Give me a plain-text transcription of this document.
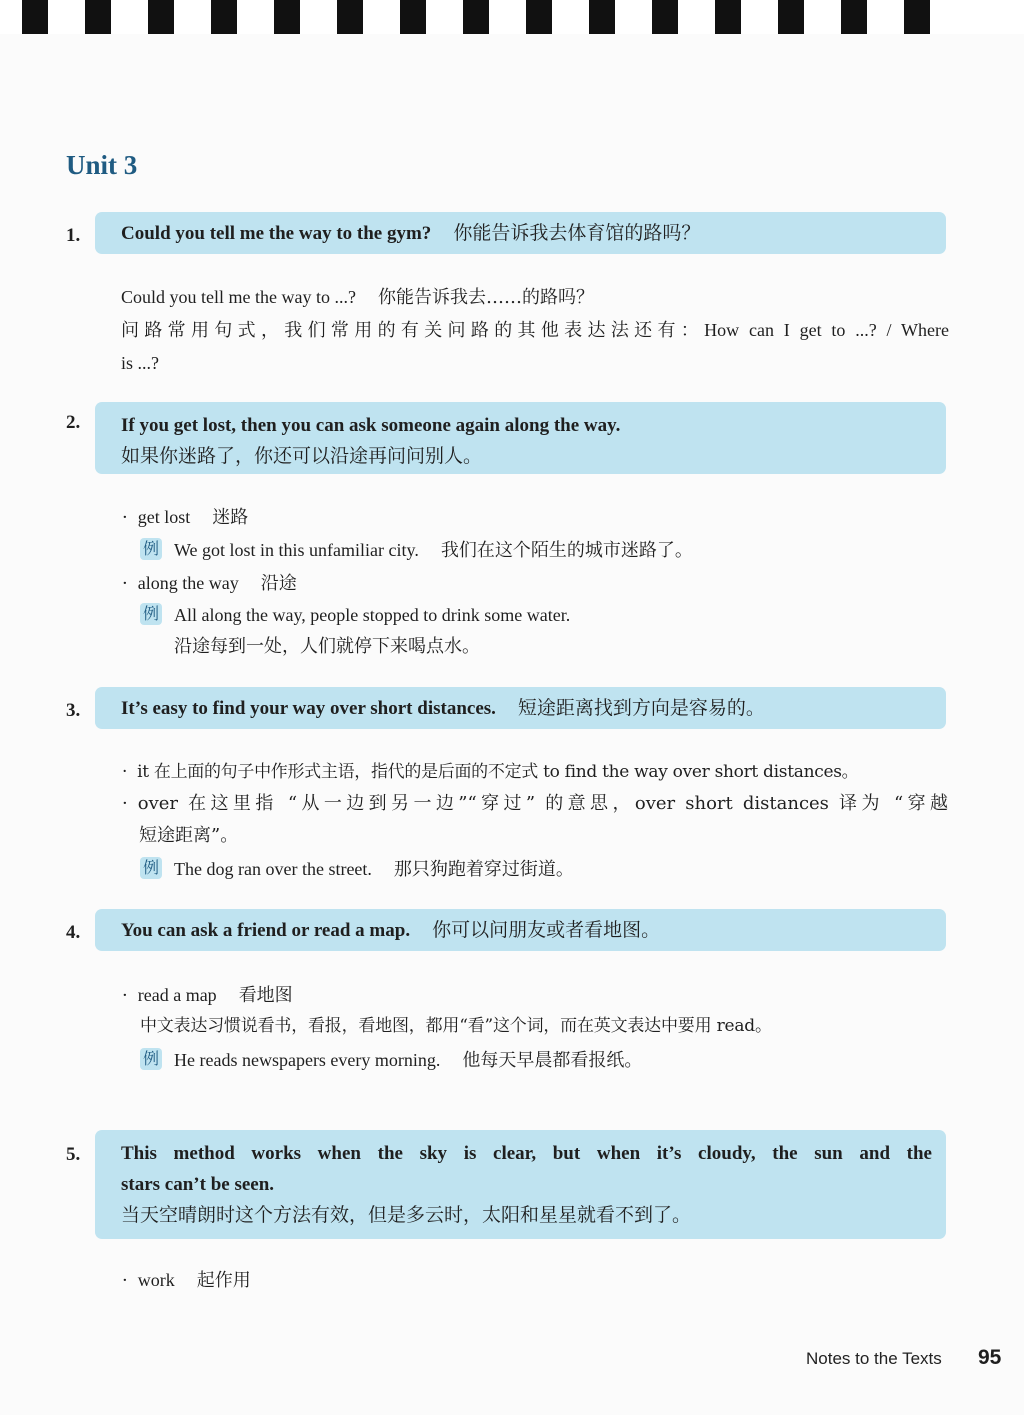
Unit 3
1.	Could you tell me the way to the gym? 你能告诉我去体育馆的路吗？
Could you tell me the way to ...? 你能告诉我去……的路吗？
问路常用句式，我们常用的有关问路的其他表达法还有：How can I get to ...? / Where
is ...?
2. If you get lost, then you can ask someone again along the way.
如果你迷路了，你还可以沿途再问问别人。
· get lost 迷路
例 We got lost in this unfamiliar city. 我们在这个陌生的城市迷路了。
· along the way 沿途
例 All along the way, people stopped to drink some water.
沿途每到一处，人们就停下来喝点水。
3.	It’s easy to find your way over short distances. 短途距离找到方向是容易的。
· it 在上面的句子中作形式主语，指代的是后面的不定式 to find the way over short distances。
· over 在这里指 “从一边到另一边”“穿过” 的意思，over short distances 译为 “穿越
短途距离”。
例 The dog ran over the street. 那只狗跑着穿过街道。
4.	You can ask a friend or read a map. 你可以问朋友或者看地图。
· read a map 看地图
中文表达习惯说看书，看报，看地图，都用“看”这个词，而在英文表达中要用 read。
例 He reads newspapers every morning. 他每天早晨都看报纸。
5. This method works when the sky is clear, but when it’s cloudy, the sun and the
stars can’t be seen.
当天空晴朗时这个方法有效，但是多云时，太阳和星星就看不到了。
· work 起作用
Notes to the Texts 95
